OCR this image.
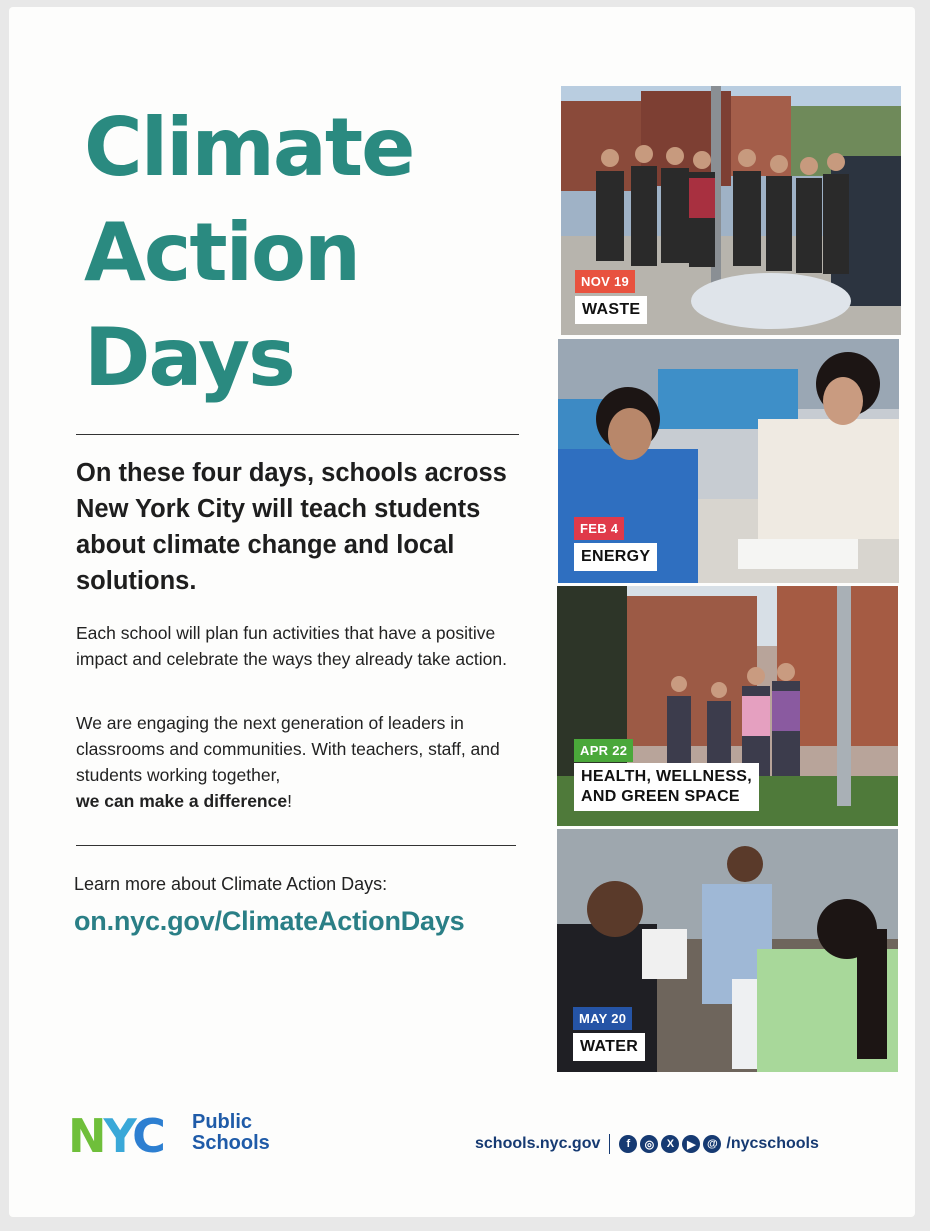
Climate
Action
Days
On these four days, schools across New York City will teach students about climate change and local solutions.
Each school will plan fun activities that have a positive impact and celebrate the ways they already take action.
We are engaging the next generation of leaders in classrooms and communities. With teachers, staff, and students working together,
we can make a difference!
Learn more about Climate Action Days:
on.nyc.gov/ClimateActionDays
NOV 19
WASTE
FEB 4
ENERGY
APR 22
HEALTH, WELLNESS,
AND GREEN SPACE
MAY 20
WATER
NYC Public
Schools	schools.nyc.gov	f	◎	X	▶	@ /nycschools
